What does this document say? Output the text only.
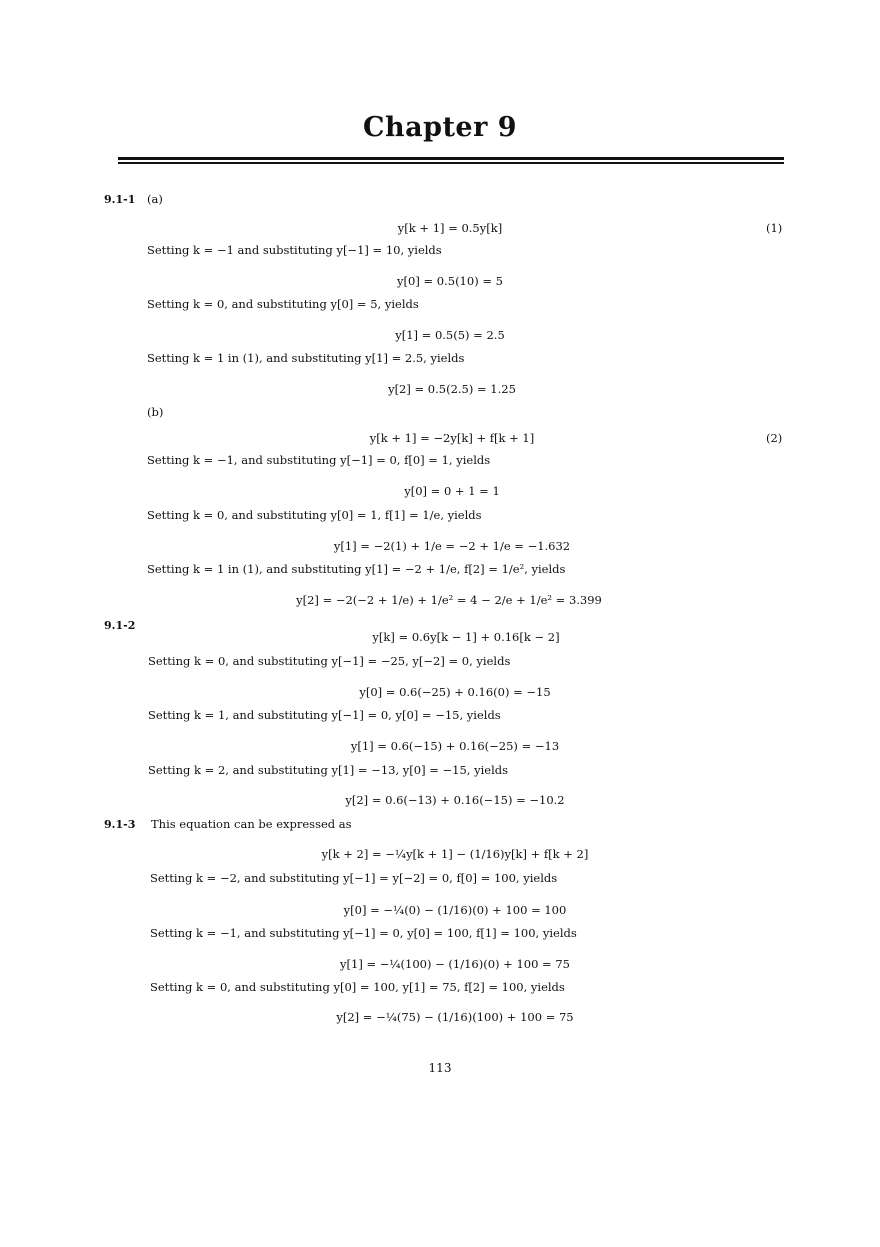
Chapter 9
9.1-1 (a)
y[k + 1] = 0.5y[k]	(1)
Setting k = −1 and substituting y[−1] = 10, yields
y[0] = 0.5(10) = 5
Setting k = 0, and substituting y[0] = 5, yields
y[1] = 0.5(5) = 2.5
Setting k = 1 in (1), and substituting y[1] = 2.5, yields
y[2] = 0.5(2.5) = 1.25
(b)
y[k + 1] = −2y[k] + f[k + 1]	(2)
Setting k = −1, and substituting y[−1] = 0, f[0] = 1, yields
y[0] = 0 + 1 = 1
Setting k = 0, and substituting y[0] = 1, f[1] = 1/e, yields
y[1] = −2(1) + 1/e = −2 + 1/e = −1.632
Setting k = 1 in (1), and substituting y[1] = −2 + 1/e, f[2] = 1/e², yields
y[2] = −2(−2 + 1/e) + 1/e² = 4 − 2/e + 1/e² = 3.399
9.1-2
y[k] = 0.6y[k − 1] + 0.16[k − 2]
Setting k = 0, and substituting y[−1] = −25, y[−2] = 0, yields
y[0] = 0.6(−25) + 0.16(0) = −15
Setting k = 1, and substituting y[−1] = 0, y[0] = −15, yields
y[1] = 0.6(−15) + 0.16(−25) = −13
Setting k = 2, and substituting y[1] = −13, y[0] = −15, yields
y[2] = 0.6(−13) + 0.16(−15) = −10.2
9.1-3 This equation can be expressed as
y[k + 2] = −¼y[k + 1] − (1/16)y[k] + f[k + 2]
Setting k = −2, and substituting y[−1] = y[−2] = 0, f[0] = 100, yields
y[0] = −¼(0) − (1/16)(0) + 100 = 100
Setting k = −1, and substituting y[−1] = 0, y[0] = 100, f[1] = 100, yields
y[1] = −¼(100) − (1/16)(0) + 100 = 75
Setting k = 0, and substituting y[0] = 100, y[1] = 75, f[2] = 100, yields
y[2] = −¼(75) − (1/16)(100) + 100 = 75
113
